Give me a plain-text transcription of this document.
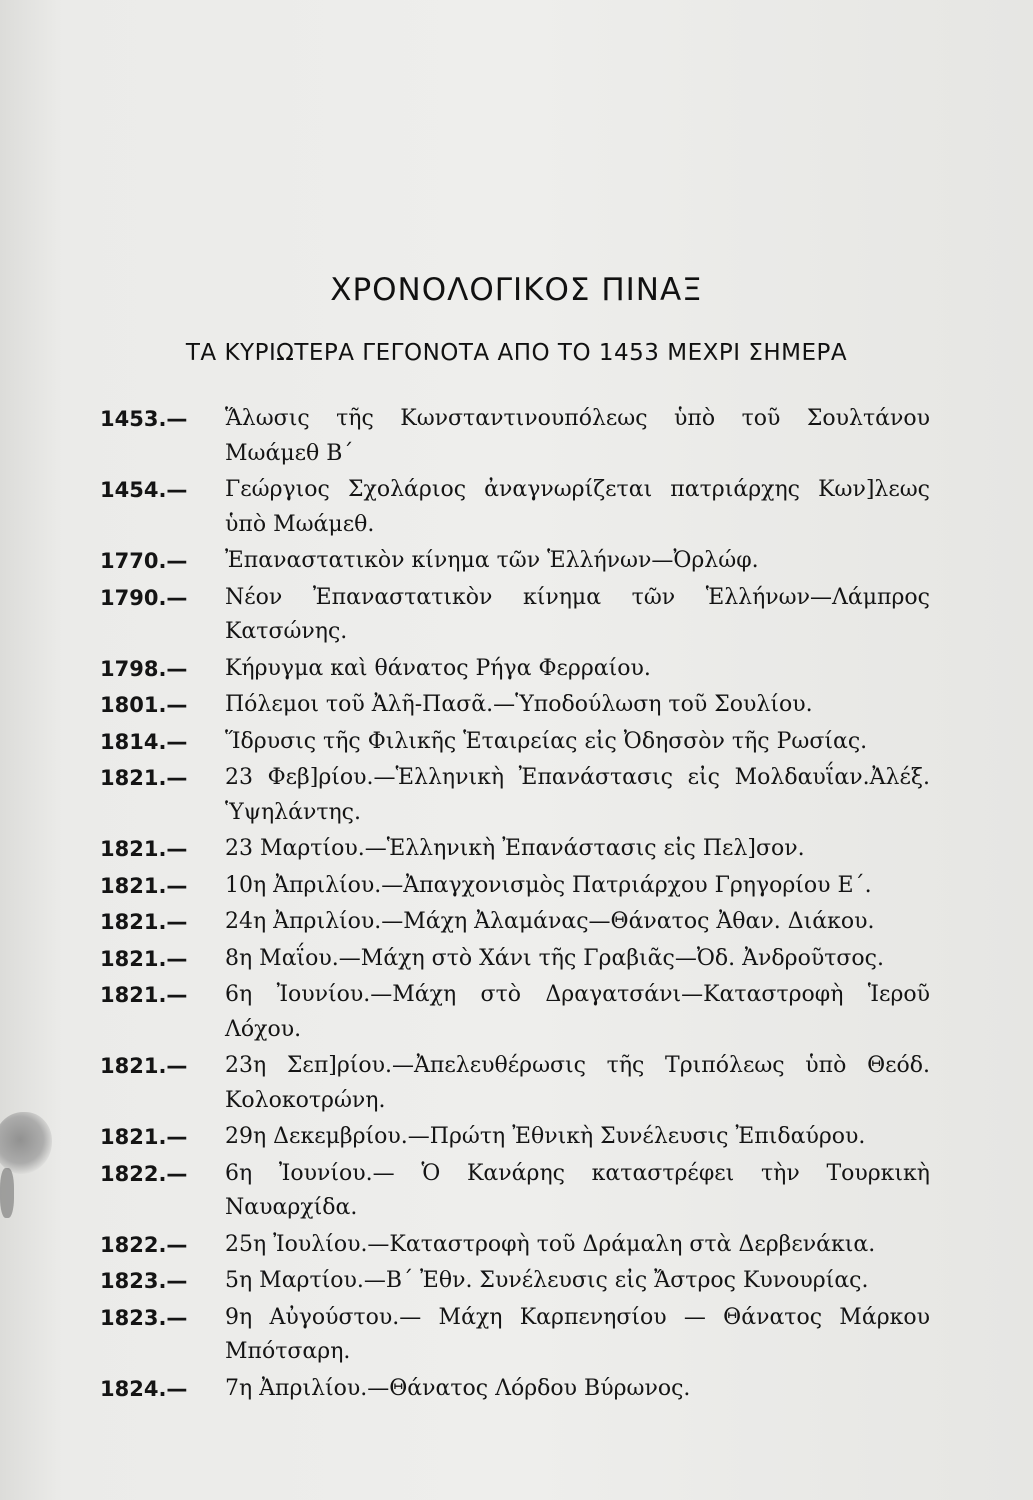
ΧΡΟΝΟΛΟΓΙΚΟΣ ΠΙΝΑΞ
ΤΑ ΚΥΡΙΩΤΕΡΑ ΓΕΓΟΝΟΤΑ ΑΠΟ ΤΟ 1453 ΜΕΧΡΙ ΣΗΜΕΡΑ
1453.—	Ἅλωσις τῆς Κωνσταντινουπόλεως ὑπὸ τοῦ Σουλτάνου Μωάμεθ Β΄
1454.—	Γεώργιος Σχολάριος ἀναγνωρίζεται πατριάρχης Κων]λεως ὑπὸ Μωάμεθ.
1770.—	Ἐπαναστατικὸν κίνημα τῶν Ἑλλήνων—Ὀρλώφ.
1790.—	Νέον Ἐπαναστατικὸν κίνημα τῶν Ἑλλήνων—Λάμπρος Κατσώνης.
1798.—	Κήρυγμα καὶ θάνατος Ρήγα Φερραίου.
1801.—	Πόλεμοι τοῦ Ἀλῆ-Πασᾶ.—Ὑποδούλωση τοῦ Σουλίου.
1814.—	Ἵδρυσις τῆς Φιλικῆς Ἑταιρείας εἰς Ὀδησσὸν τῆς Ρωσίας.
1821.—	23 Φεβ]ρίου.—Ἑλληνικὴ Ἐπανάστασις εἰς Μολδαυΐαν.Ἀλέξ. Ὑψηλάντης.
1821.—	23 Μαρτίου.—Ἑλληνικὴ Ἐπανάστασις εἰς Πελ]σον.
1821.—	10η Ἀπριλίου.—Ἀπαγχονισμὸς Πατριάρχου Γρηγορίου Ε΄.
1821.—	24η Ἀπριλίου.—Μάχη Ἀλαμάνας—Θάνατος Ἀθαν. Διάκου.
1821.—	8η Μαΐου.—Μάχη στὸ Χάνι τῆς Γραβιᾶς—Ὀδ. Ἀνδροῦτσος.
1821.—	6η Ἰουνίου.—Μάχη στὸ Δραγατσάνι—Καταστροφὴ Ἱεροῦ Λόχου.
1821.—	23η Σεπ]ρίου.—Ἀπελευθέρωσις τῆς Τριπόλεως ὑπὸ Θεόδ. Κολοκοτρώνη.
1821.—	29η Δεκεμβρίου.—Πρώτη Ἐθνικὴ Συνέλευσις Ἐπιδαύρου.
1822.—	6η Ἰουνίου.— Ὁ Κανάρης καταστρέφει τὴν Τουρκικὴ Ναυαρχίδα.
1822.—	25η Ἰουλίου.—Καταστροφὴ τοῦ Δράμαλη στὰ Δερβενάκια.
1823.—	5η Μαρτίου.—Β΄ Ἐθν. Συνέλευσις εἰς Ἄστρος Κυνουρίας.
1823.—	9η Αὐγούστου.— Μάχη Καρπενησίου — Θάνατος Μάρκου Μπότσαρη.
1824.—	7η Ἀπριλίου.—Θάνατος Λόρδου Βύρωνος.
